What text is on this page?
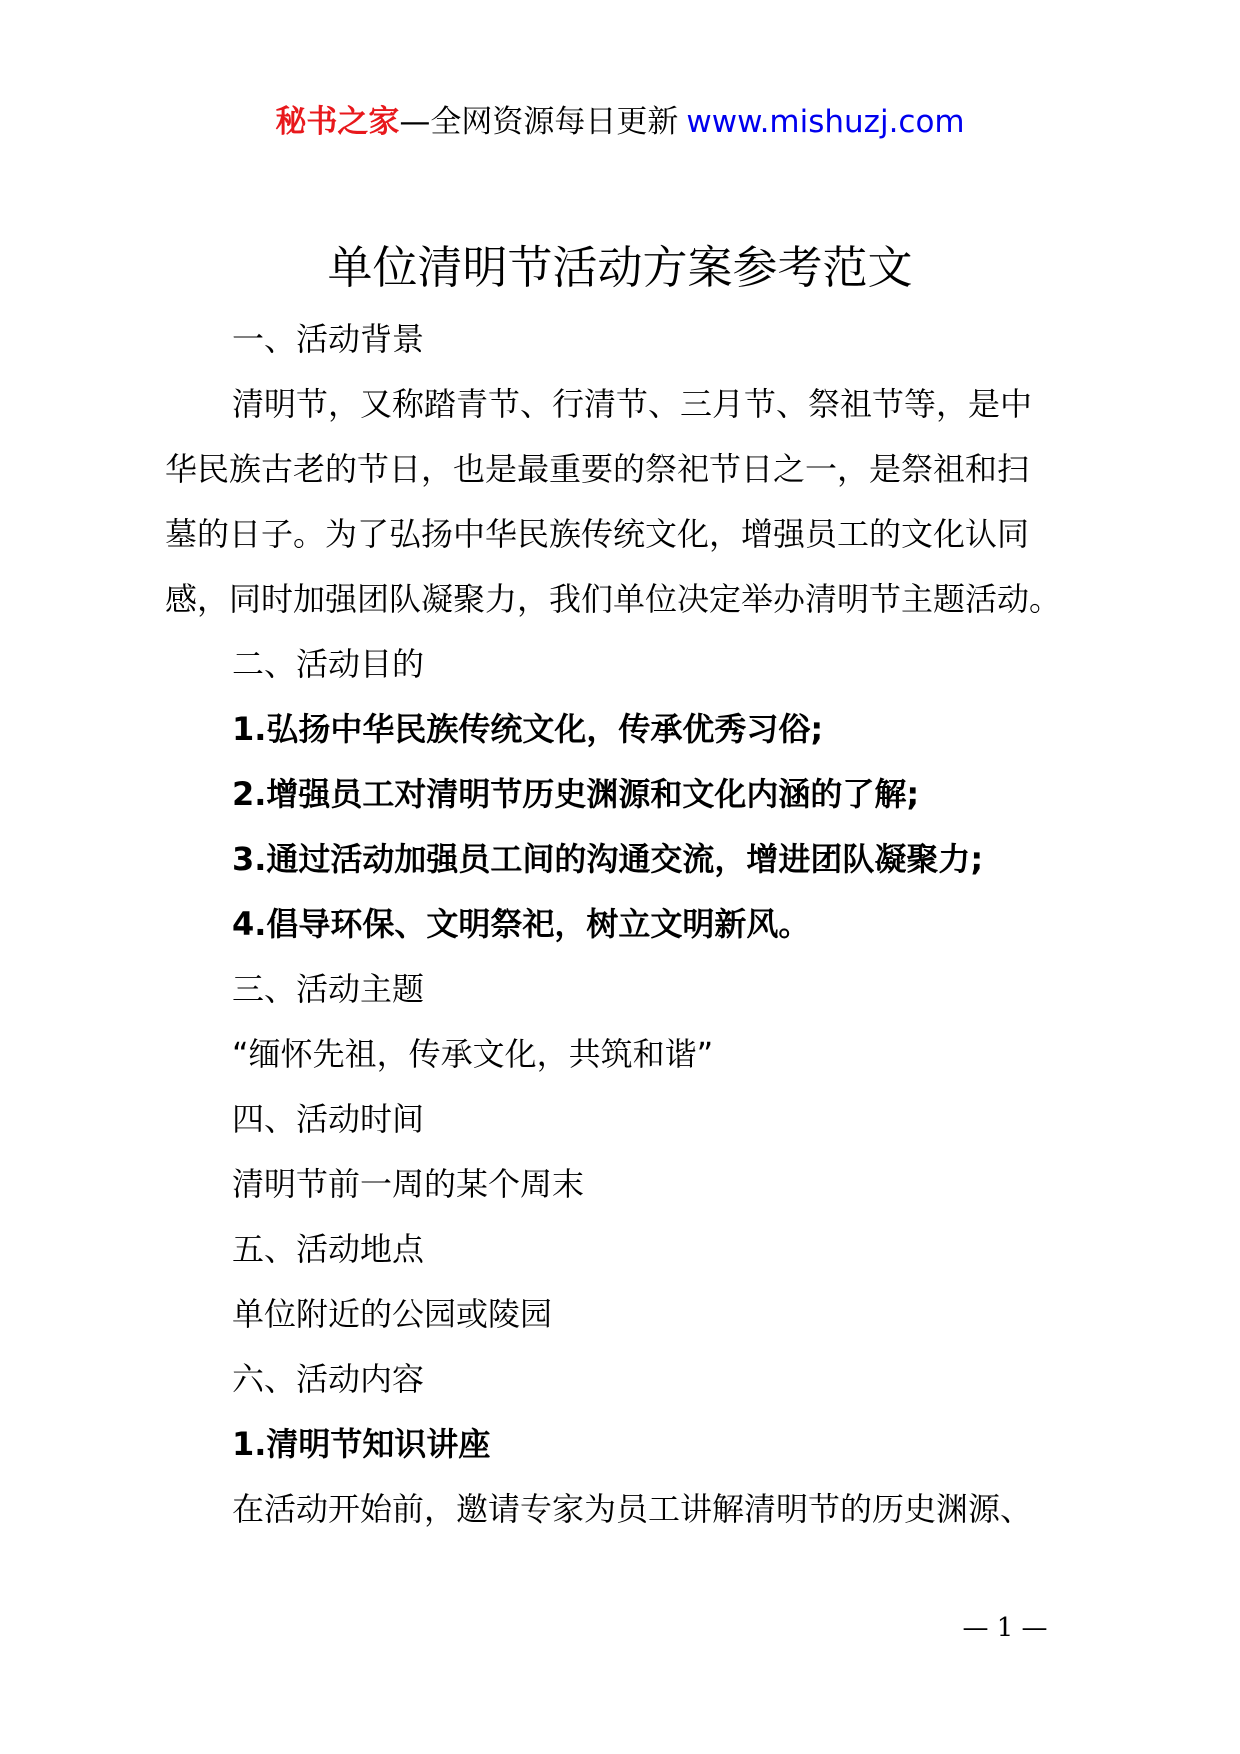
秘书之家—全网资源每日更新 www.mishuzj.com
单位清明节活动方案参考范文
一、活动背景
清明节，又称踏青节、行清节、三月节、祭祖节等，是中
华民族古老的节日，也是最重要的祭祀节日之一，是祭祖和扫
墓的日子。为了弘扬中华民族传统文化，增强员工的文化认同
感，同时加强团队凝聚力，我们单位决定举办清明节主题活动。
二、活动目的
1.弘扬中华民族传统文化，传承优秀习俗;
2.增强员工对清明节历史渊源和文化内涵的了解;
3.通过活动加强员工间的沟通交流，增进团队凝聚力;
4.倡导环保、文明祭祀，树立文明新风。
三、活动主题
“缅怀先祖，传承文化，共筑和谐”
四、活动时间
清明节前一周的某个周末
五、活动地点
单位附近的公园或陵园
六、活动内容
1.清明节知识讲座
在活动开始前，邀请专家为员工讲解清明节的历史渊源、
— 1 —
